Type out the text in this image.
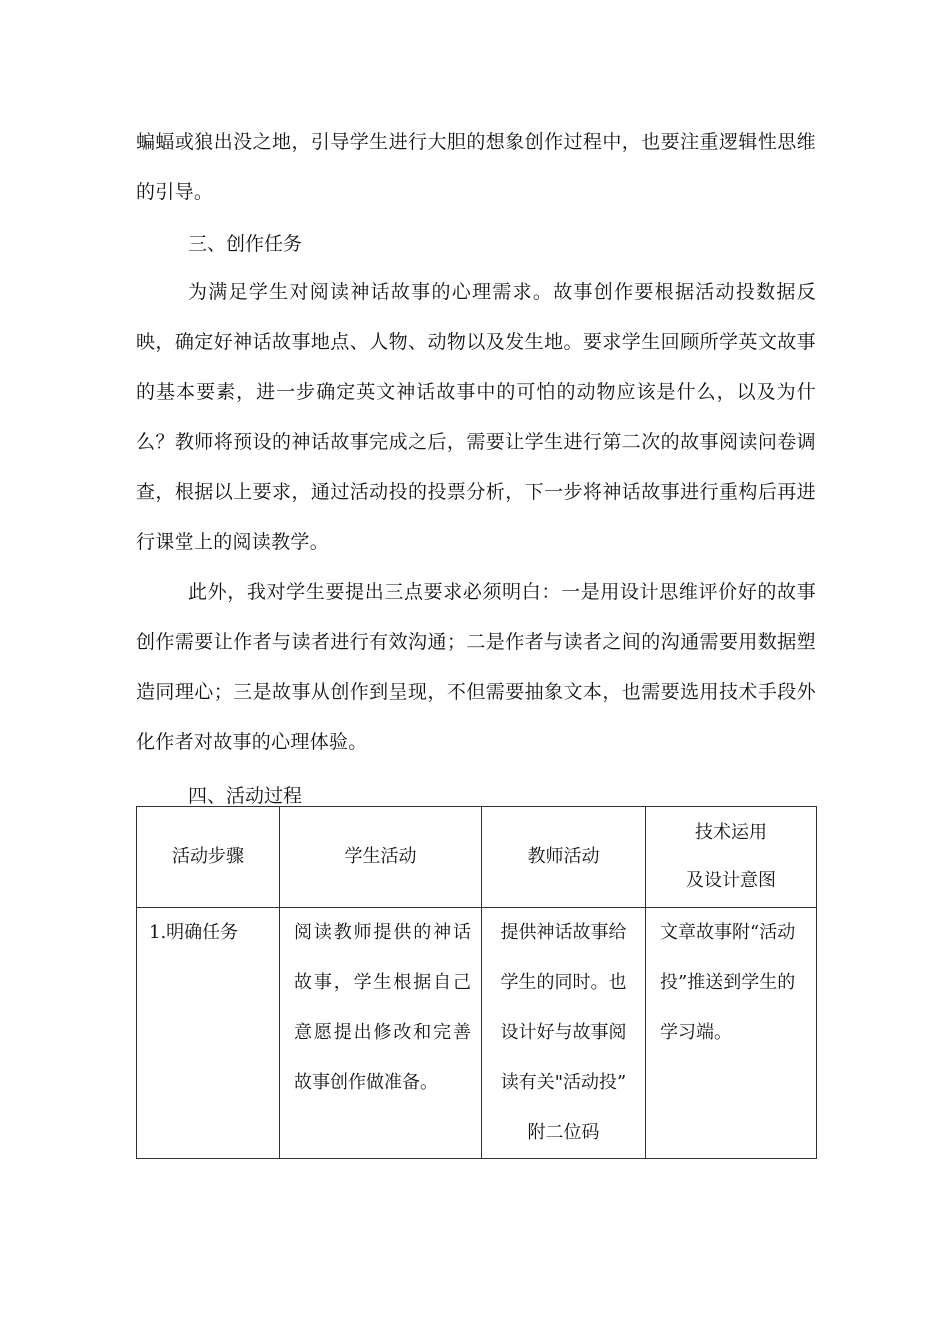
蝙蝠或狼出没之地，引导学生进行大胆的想象创作过程中，也要注重逻辑性思维的引导。
三、创作任务
为满足学生对阅读神话故事的心理需求。故事创作要根据活动投数据反映，确定好神话故事地点、人物、动物以及发生地。要求学生回顾所学英文故事的基本要素，进一步确定英文神话故事中的可怕的动物应该是什么，以及为什么？教师将预设的神话故事完成之后，需要让学生进行第二次的故事阅读问卷调查，根据以上要求，通过活动投的投票分析，下一步将神话故事进行重构后再进行课堂上的阅读教学。
此外，我对学生要提出三点要求必须明白：一是用设计思维评价好的故事创作需要让作者与读者进行有效沟通；二是作者与读者之间的沟通需要用数据塑造同理心；三是故事从创作到呈现，不但需要抽象文本，也需要选用技术手段外化作者对故事的心理体验。
四、活动过程
活动步骤	学生活动	教师活动	技术运用
及设计意图

1.明确任务	阅读教师提供的神话故事，学生根据自己意愿提出修改和完善故事创作做准备。	提供神话故事给
学生的同时。也
设计好与故事阅
读有关"活动投”
附二位码	文章故事附“活动投”推送到学生的学习端。
